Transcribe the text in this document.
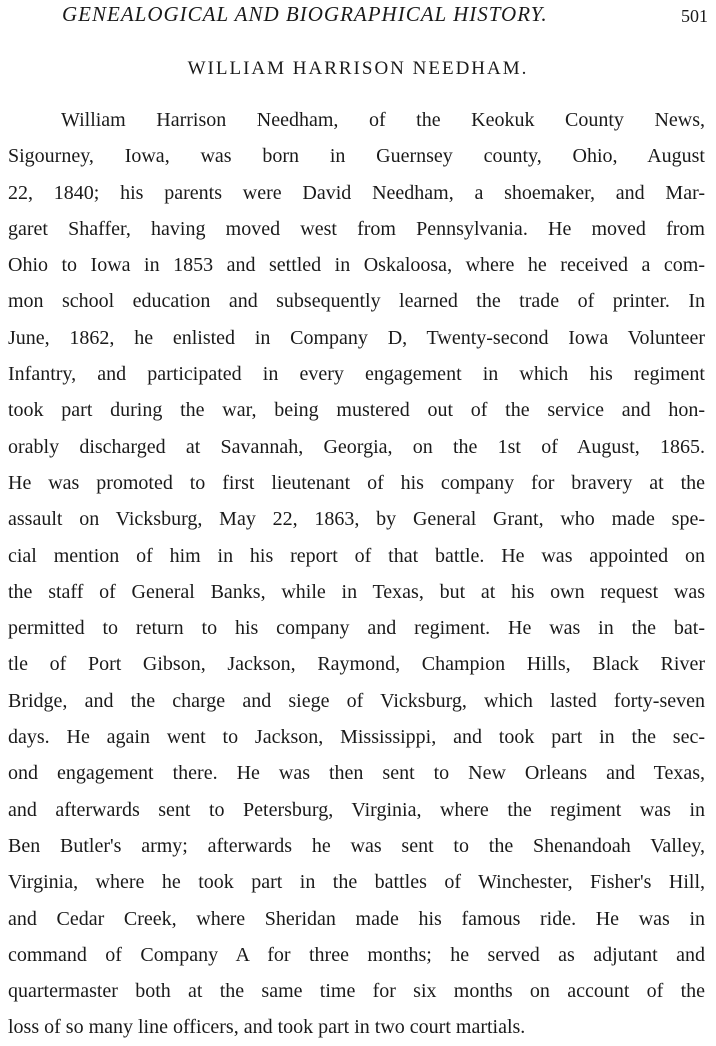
GENEALOGICAL AND BIOGRAPHICAL HISTORY.	501
WILLIAM HARRISON NEEDHAM.
William Harrison Needham, of the Keokuk County News,
Sigourney, Iowa, was born in Guernsey county, Ohio, August
22, 1840; his parents were David Needham, a shoemaker, and Mar-
garet Shaffer, having moved west from Pennsylvania. He moved from
Ohio to Iowa in 1853 and settled in Oskaloosa, where he received a com-
mon school education and subsequently learned the trade of printer. In
June, 1862, he enlisted in Company D, Twenty-second Iowa Volunteer
Infantry, and participated in every engagement in which his regiment
took part during the war, being mustered out of the service and hon-
orably discharged at Savannah, Georgia, on the 1st of August, 1865.
He was promoted to first lieutenant of his company for bravery at the
assault on Vicksburg, May 22, 1863, by General Grant, who made spe-
cial mention of him in his report of that battle. He was appointed on
the staff of General Banks, while in Texas, but at his own request was
permitted to return to his company and regiment. He was in the bat-
tle of Port Gibson, Jackson, Raymond, Champion Hills, Black River
Bridge, and the charge and siege of Vicksburg, which lasted forty-seven
days. He again went to Jackson, Mississippi, and took part in the sec-
ond engagement there. He was then sent to New Orleans and Texas,
and afterwards sent to Petersburg, Virginia, where the regiment was in
Ben Butler's army; afterwards he was sent to the Shenandoah Valley,
Virginia, where he took part in the battles of Winchester, Fisher's Hill,
and Cedar Creek, where Sheridan made his famous ride. He was in
command of Company A for three months; he served as adjutant and
quartermaster both at the same time for six months on account of the
loss of so many line officers, and took part in two court martials.
